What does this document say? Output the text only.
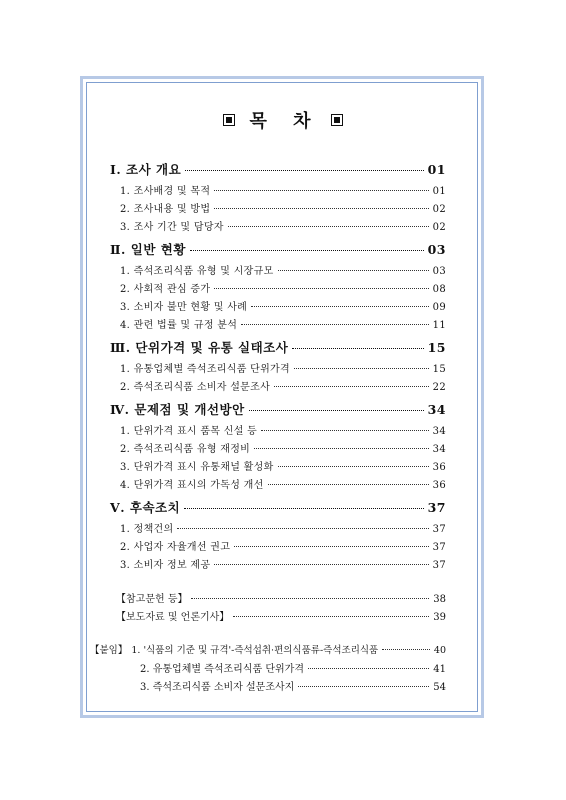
목 차
Ⅰ. 조사 개요	01
1. 조사배경 및 목적	01
2. 조사내용 및 방법	02
3. 조사 기간 및 담당자	02
Ⅱ. 일반 현황	03
1. 즉석조리식품 유형 및 시장규모	03
2. 사회적 관심 증가	08
3. 소비자 불만 현황 및 사례	09
4. 관련 법률 및 규정 분석	11
Ⅲ. 단위가격 및 유통 실태조사	15
1. 유통업체별 즉석조리식품 단위가격	15
2. 즉석조리식품 소비자 설문조사	22
Ⅳ. 문제점 및 개선방안	34
1. 단위가격 표시 품목 신설 등	34
2. 즉석조리식품 유형 재정비	34
3. 단위가격 표시 유통채널 활성화	36
4. 단위가격 표시의 가독성 개선	36
Ⅴ. 후속조치	37
1. 정책건의	37
2. 사업자 자율개선 권고	37
3. 소비자 정보 제공	37
【참고문헌 등】	38
【보도자료 및 언론기사】	39
【붙임】 1. '식품의 기준 및 규격'-즉석섭취·편의식품류-즉석조리식품	40
2. 유통업체별 즉석조리식품 단위가격	41
3. 즉석조리식품 소비자 설문조사지	54
